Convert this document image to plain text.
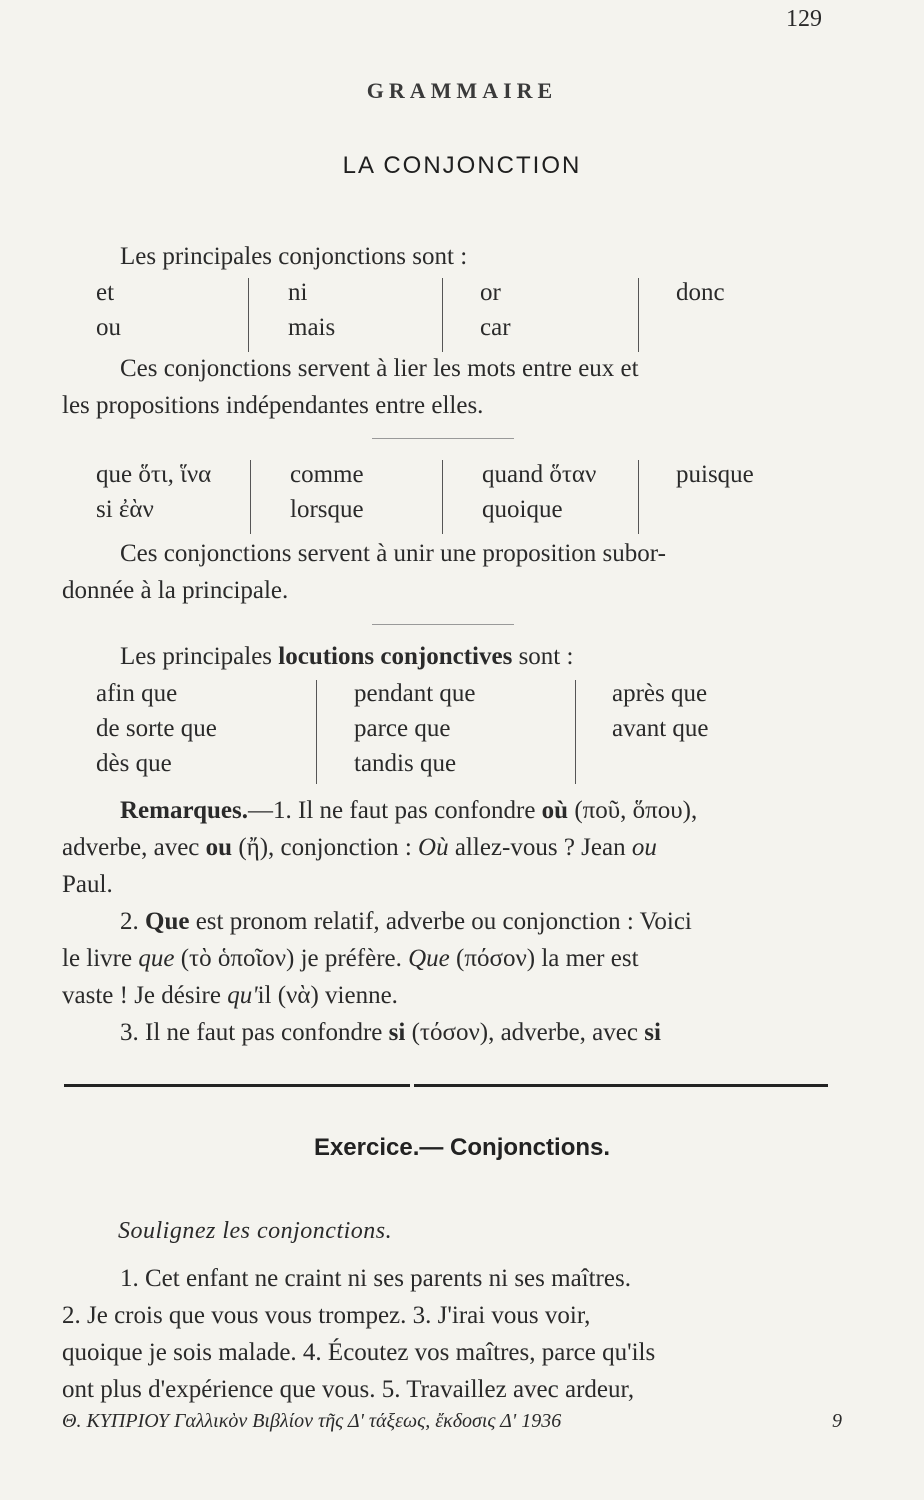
129
GRAMMAIRE
LA CONJONCTION
Les principales conjonctions sont :
et
ou
ni
mais
or
car
donc
Ces conjonctions servent à lier les mots entre eux et
les propositions indépendantes entre elles.
que ὅτι, ἵνα
si ἐὰν
comme
lorsque
quand ὅταν
quoique
puisque
Ces conjonctions servent à unir une proposition subor-
donnée à la principale.
Les principales locutions conjonctives sont :
afin que
de sorte que
dès que
pendant que
parce que
tandis que
après que
avant que
Remarques.—1. Il ne faut pas confondre où (ποῦ, ὅπου),
adverbe, avec ou (ἤ), conjonction : Où allez-vous ? Jean ou
Paul.
2. Que est pronom relatif, adverbe ou conjonction : Voici
le livre que (τὸ ὁποῖον) je préfère. Que (πόσον) la mer est
vaste ! Je désire qu'il (νὰ) vienne.
3. Il ne faut pas confondre si (τόσον), adverbe, avec si
Exercice.— Conjonctions.
Soulignez les conjonctions.
1. Cet enfant ne craint ni ses parents ni ses maîtres.
2. Je crois que vous vous trompez. 3. J'irai vous voir,
quoique je sois malade. 4. Écoutez vos maîtres, parce qu'ils
ont plus d'expérience que vous. 5. Travaillez avec ardeur,
Θ. ΚΥΠΡΙΟΥ Γαλλικὸν Βιβλίον τῆς Δ' τάξεως, ἔκδοσις Δ' 1936	9
